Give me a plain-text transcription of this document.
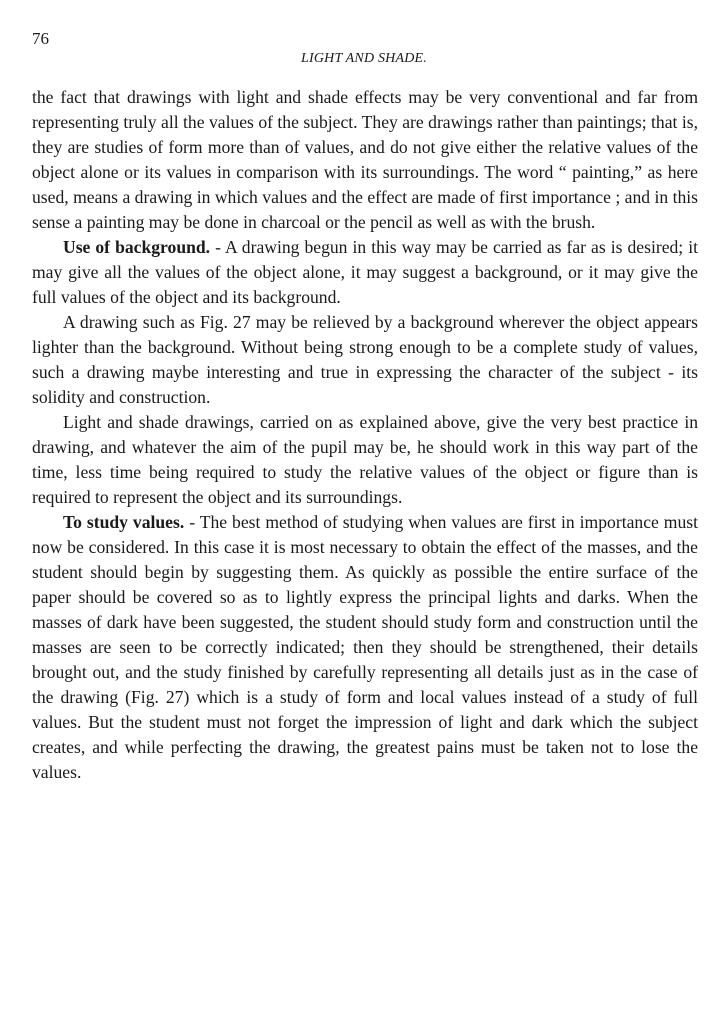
76
LIGHT AND SHADE.

the fact that drawings with light and shade effects may be very conventional and far from representing truly all the values of the subject. They are drawings rather than paintings; that is, they are studies of form more than of values, and do not give either the relative values of the object alone or its values in comparison with its surroundings. The word “ painting,” as here used, means a drawing in which values and the effect are made of first importance ; and in this sense a painting may be done in charcoal or the pencil as well as with the brush.

Use of background. - A drawing begun in this way may be carried as far as is desired; it may give all the values of the object alone, it may suggest a background, or it may give the full values of the object and its background.

A drawing such as Fig. 27 may be relieved by a background wherever the object appears lighter than the background. Without being strong enough to be a complete study of values, such a drawing maybe interesting and true in expressing the character of the subject - its solidity and construction.

Light and shade drawings, carried on as explained above, give the very best practice in drawing, and whatever the aim of the pupil may be, he should work in this way part of the time, less time being required to study the relative values of the object or figure than is required to represent the object and its surroundings.

To study values. - The best method of studying when values are first in importance must now be considered. In this case it is most necessary to obtain the effect of the masses, and the student should begin by suggesting them. As quickly as possible the entire surface of the paper should be covered so as to lightly express the principal lights and darks. When the masses of dark have been suggested, the student should study form and construction until the masses are seen to be correctly indicated; then they should be strengthened, their details brought out, and the study finished by carefully representing all details just as in the case of the drawing (Fig. 27) which is a study of form and local values instead of a study of full values. But the student must not forget the impression of light and dark which the subject creates, and while perfecting the drawing, the greatest pains must be taken not to lose the values.
